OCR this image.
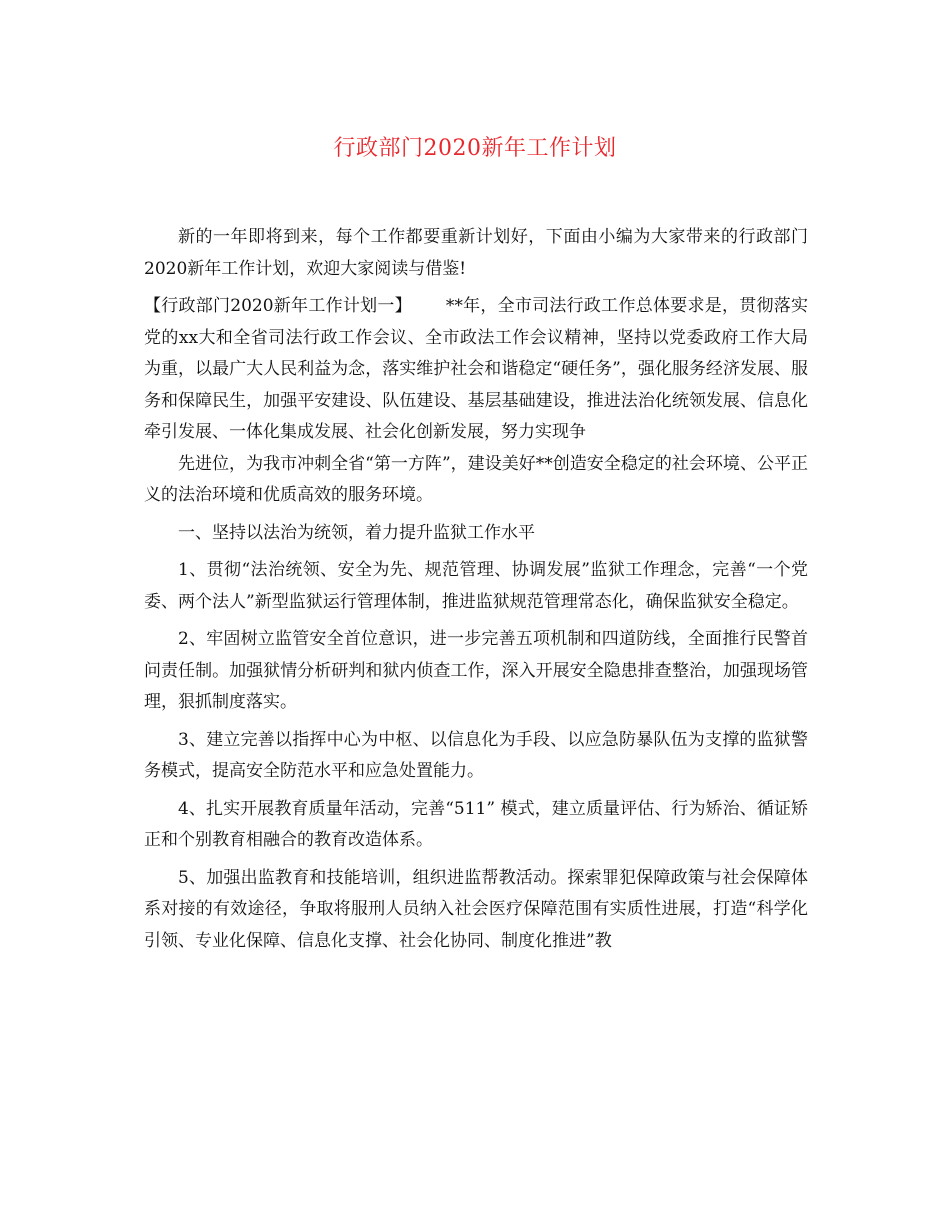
行政部门2020新年工作计划

新的一年即将到来，每个工作都要重新计划好，下面由小编为大家带来的行政部门2020新年工作计划，欢迎大家阅读与借鉴!

【行政部门2020新年工作计划一】 **年，全市司法行政工作总体要求是，贯彻落实党的xx大和全省司法行政工作会议、全市政法工作会议精神，坚持以党委政府工作大局为重，以最广大人民利益为念，落实维护社会和谐稳定“硬任务”，强化服务经济发展、服务和保障民生，加强平安建设、队伍建设、基层基础建设，推进法治化统领发展、信息化牵引发展、一体化集成发展、社会化创新发展，努力实现争

先进位，为我市冲刺全省“第一方阵”，建设美好**创造安全稳定的社会环境、公平正义的法治环境和优质高效的服务环境。

一、坚持以法治为统领，着力提升监狱工作水平

1、贯彻“法治统领、安全为先、规范管理、协调发展”监狱工作理念，完善“一个党委、两个法人”新型监狱运行管理体制，推进监狱规范管理常态化，确保监狱安全稳定。

2、牢固树立监管安全首位意识，进一步完善五项机制和四道防线，全面推行民警首问责任制。加强狱情分析研判和狱内侦查工作，深入开展安全隐患排查整治，加强现场管理，狠抓制度落实。

3、建立完善以指挥中心为中枢、以信息化为手段、以应急防暴队伍为支撑的监狱警务模式，提高安全防范水平和应急处置能力。

4、扎实开展教育质量年活动，完善“511” 模式，建立质量评估、行为矫治、循证矫正和个别教育相融合的教育改造体系。

5、加强出监教育和技能培训，组织进监帮教活动。探索罪犯保障政策与社会保障体系对接的有效途径，争取将服刑人员纳入社会医疗保障范围有实质性进展，打造“科学化引领、专业化保障、信息化支撑、社会化协同、制度化推进”教
